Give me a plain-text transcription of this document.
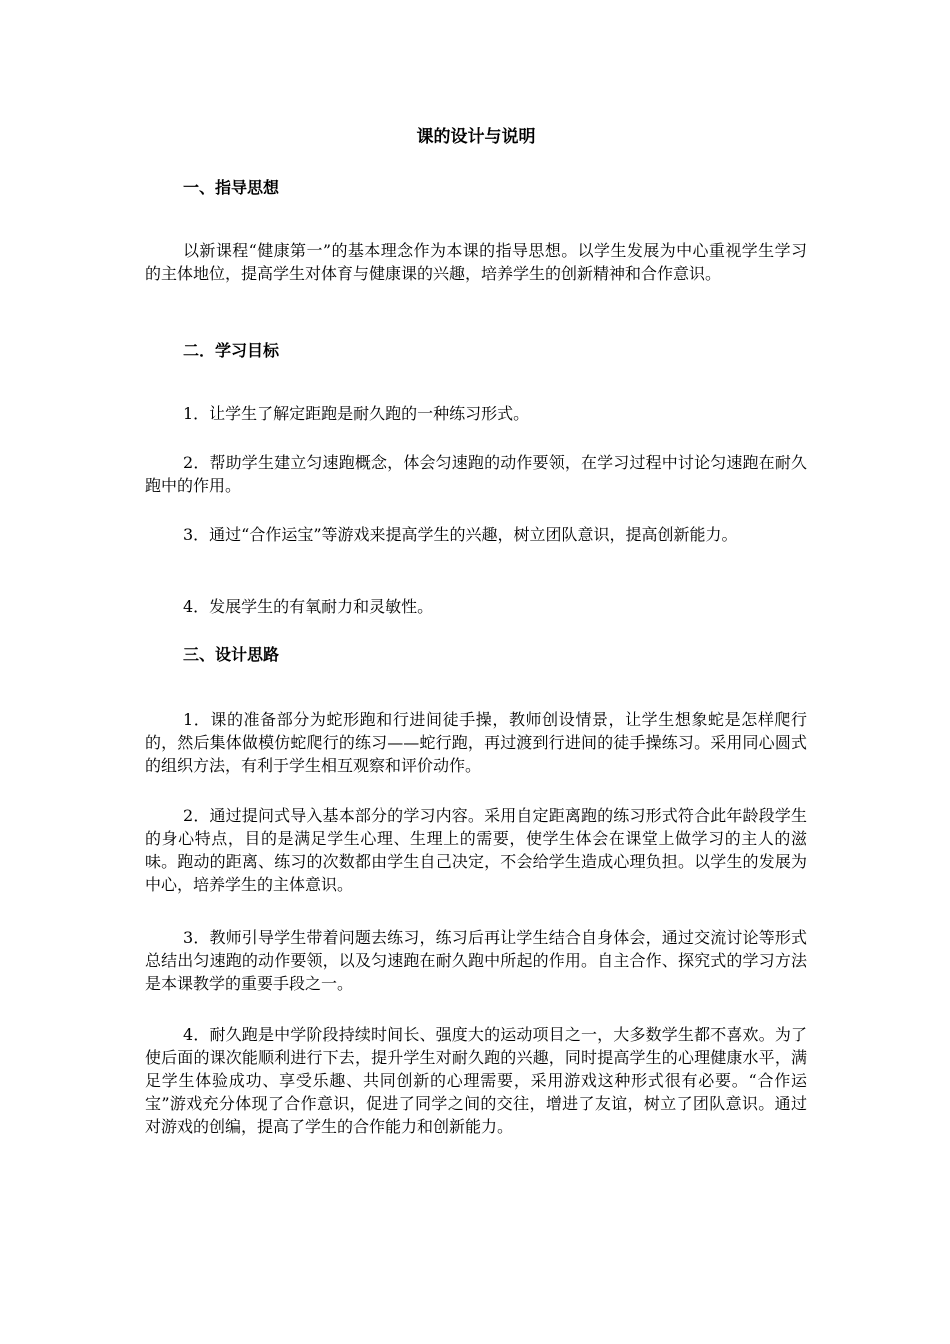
课的设计与说明
一、指导思想

以新课程“健康第一”的基本理念作为本课的指导思想。以学生发展为中心重视学生学习的主体地位，提高学生对体育与健康课的兴趣，培养学生的创新精神和合作意识。

二．学习目标

1．让学生了解定距跑是耐久跑的一种练习形式。

2．帮助学生建立匀速跑概念，体会匀速跑的动作要领，在学习过程中讨论匀速跑在耐久跑中的作用。

3．通过“合作运宝”等游戏来提高学生的兴趣，树立团队意识，提高创新能力。

4．发展学生的有氧耐力和灵敏性。

三、设计思路

1．课的准备部分为蛇形跑和行进间徒手操，教师创设情景，让学生想象蛇是怎样爬行的，然后集体做模仿蛇爬行的练习——蛇行跑，再过渡到行进间的徒手操练习。采用同心圆式的组织方法，有利于学生相互观察和评价动作。

2．通过提问式导入基本部分的学习内容。采用自定距离跑的练习形式符合此年龄段学生的身心特点，目的是满足学生心理、生理上的需要，使学生体会在课堂上做学习的主人的滋味。跑动的距离、练习的次数都由学生自己决定，不会给学生造成心理负担。以学生的发展为中心，培养学生的主体意识。

3．教师引导学生带着问题去练习，练习后再让学生结合自身体会，通过交流讨论等形式总结出匀速跑的动作要领，以及匀速跑在耐久跑中所起的作用。自主合作、探究式的学习方法是本课教学的重要手段之一。

4．耐久跑是中学阶段持续时间长、强度大的运动项目之一，大多数学生都不喜欢。为了使后面的课次能顺利进行下去，提升学生对耐久跑的兴趣，同时提高学生的心理健康水平，满足学生体验成功、享受乐趣、共同创新的心理需要，采用游戏这种形式很有必要。“合作运宝”游戏充分体现了合作意识，促进了同学之间的交往，增进了友谊，树立了团队意识。通过对游戏的创编，提高了学生的合作能力和创新能力。
